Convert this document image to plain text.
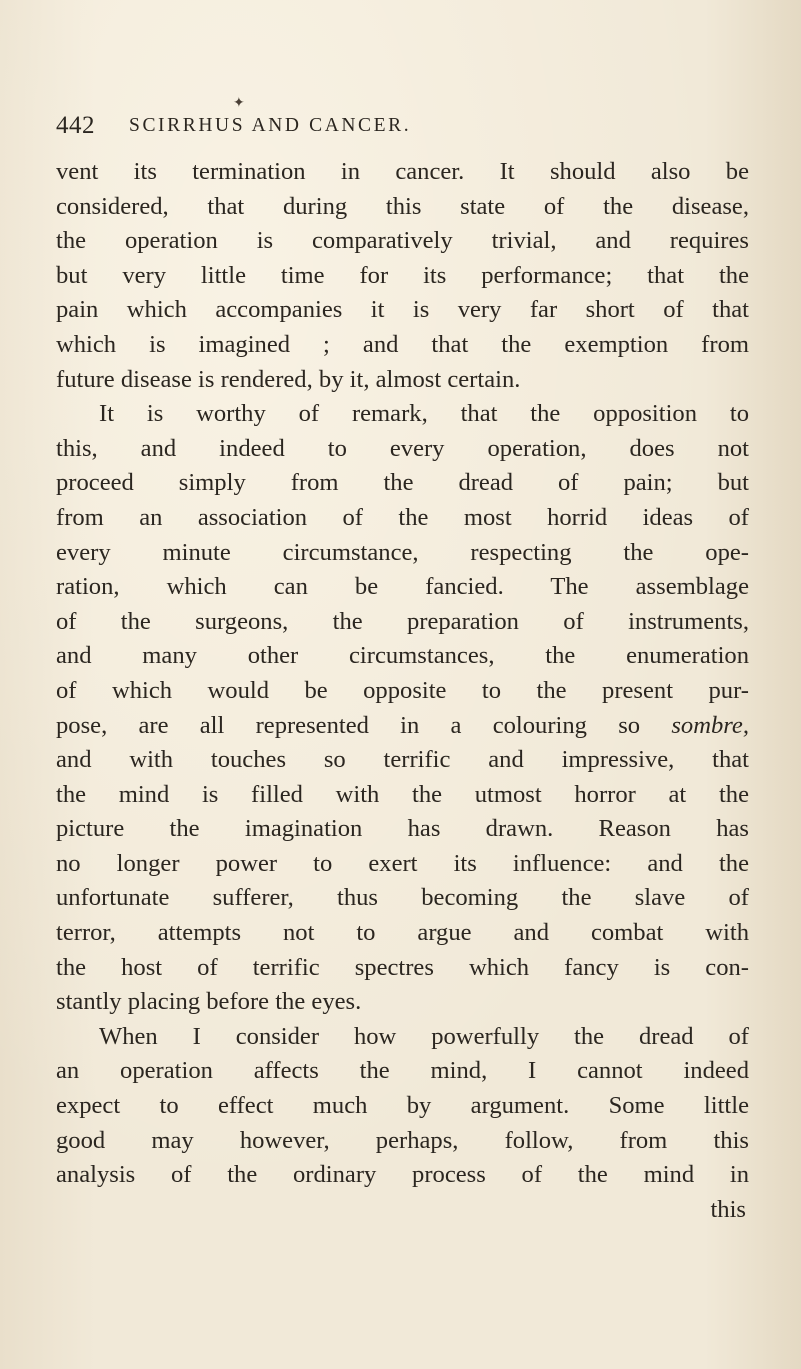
✦
442 SCIRRHUS AND CANCER.
vent its termination in cancer. It should also be
considered, that during this state of the disease,
the operation is comparatively trivial, and requires
but very little time for its performance; that the
pain which accompanies it is very far short of that
which is imagined ; and that the exemption from
future disease is rendered, by it, almost certain.
It is worthy of remark, that the opposition to
this, and indeed to every operation, does not
proceed simply from the dread of pain; but
from an association of the most horrid ideas of
every minute circumstance, respecting the ope-
ration, which can be fancied. The assemblage
of the surgeons, the preparation of instruments,
and many other circumstances, the enumeration
of which would be opposite to the present pur-
pose, are all represented in a colouring so sombre,
and with touches so terrific and impressive, that
the mind is filled with the utmost horror at the
picture the imagination has drawn. Reason has
no longer power to exert its influence: and the
unfortunate sufferer, thus becoming the slave of
terror, attempts not to argue and combat with
the host of terrific spectres which fancy is con-
stantly placing before the eyes.
When I consider how powerfully the dread of
an operation affects the mind, I cannot indeed
expect to effect much by argument. Some little
good may however, perhaps, follow, from this
analysis of the ordinary process of the mind in
this
